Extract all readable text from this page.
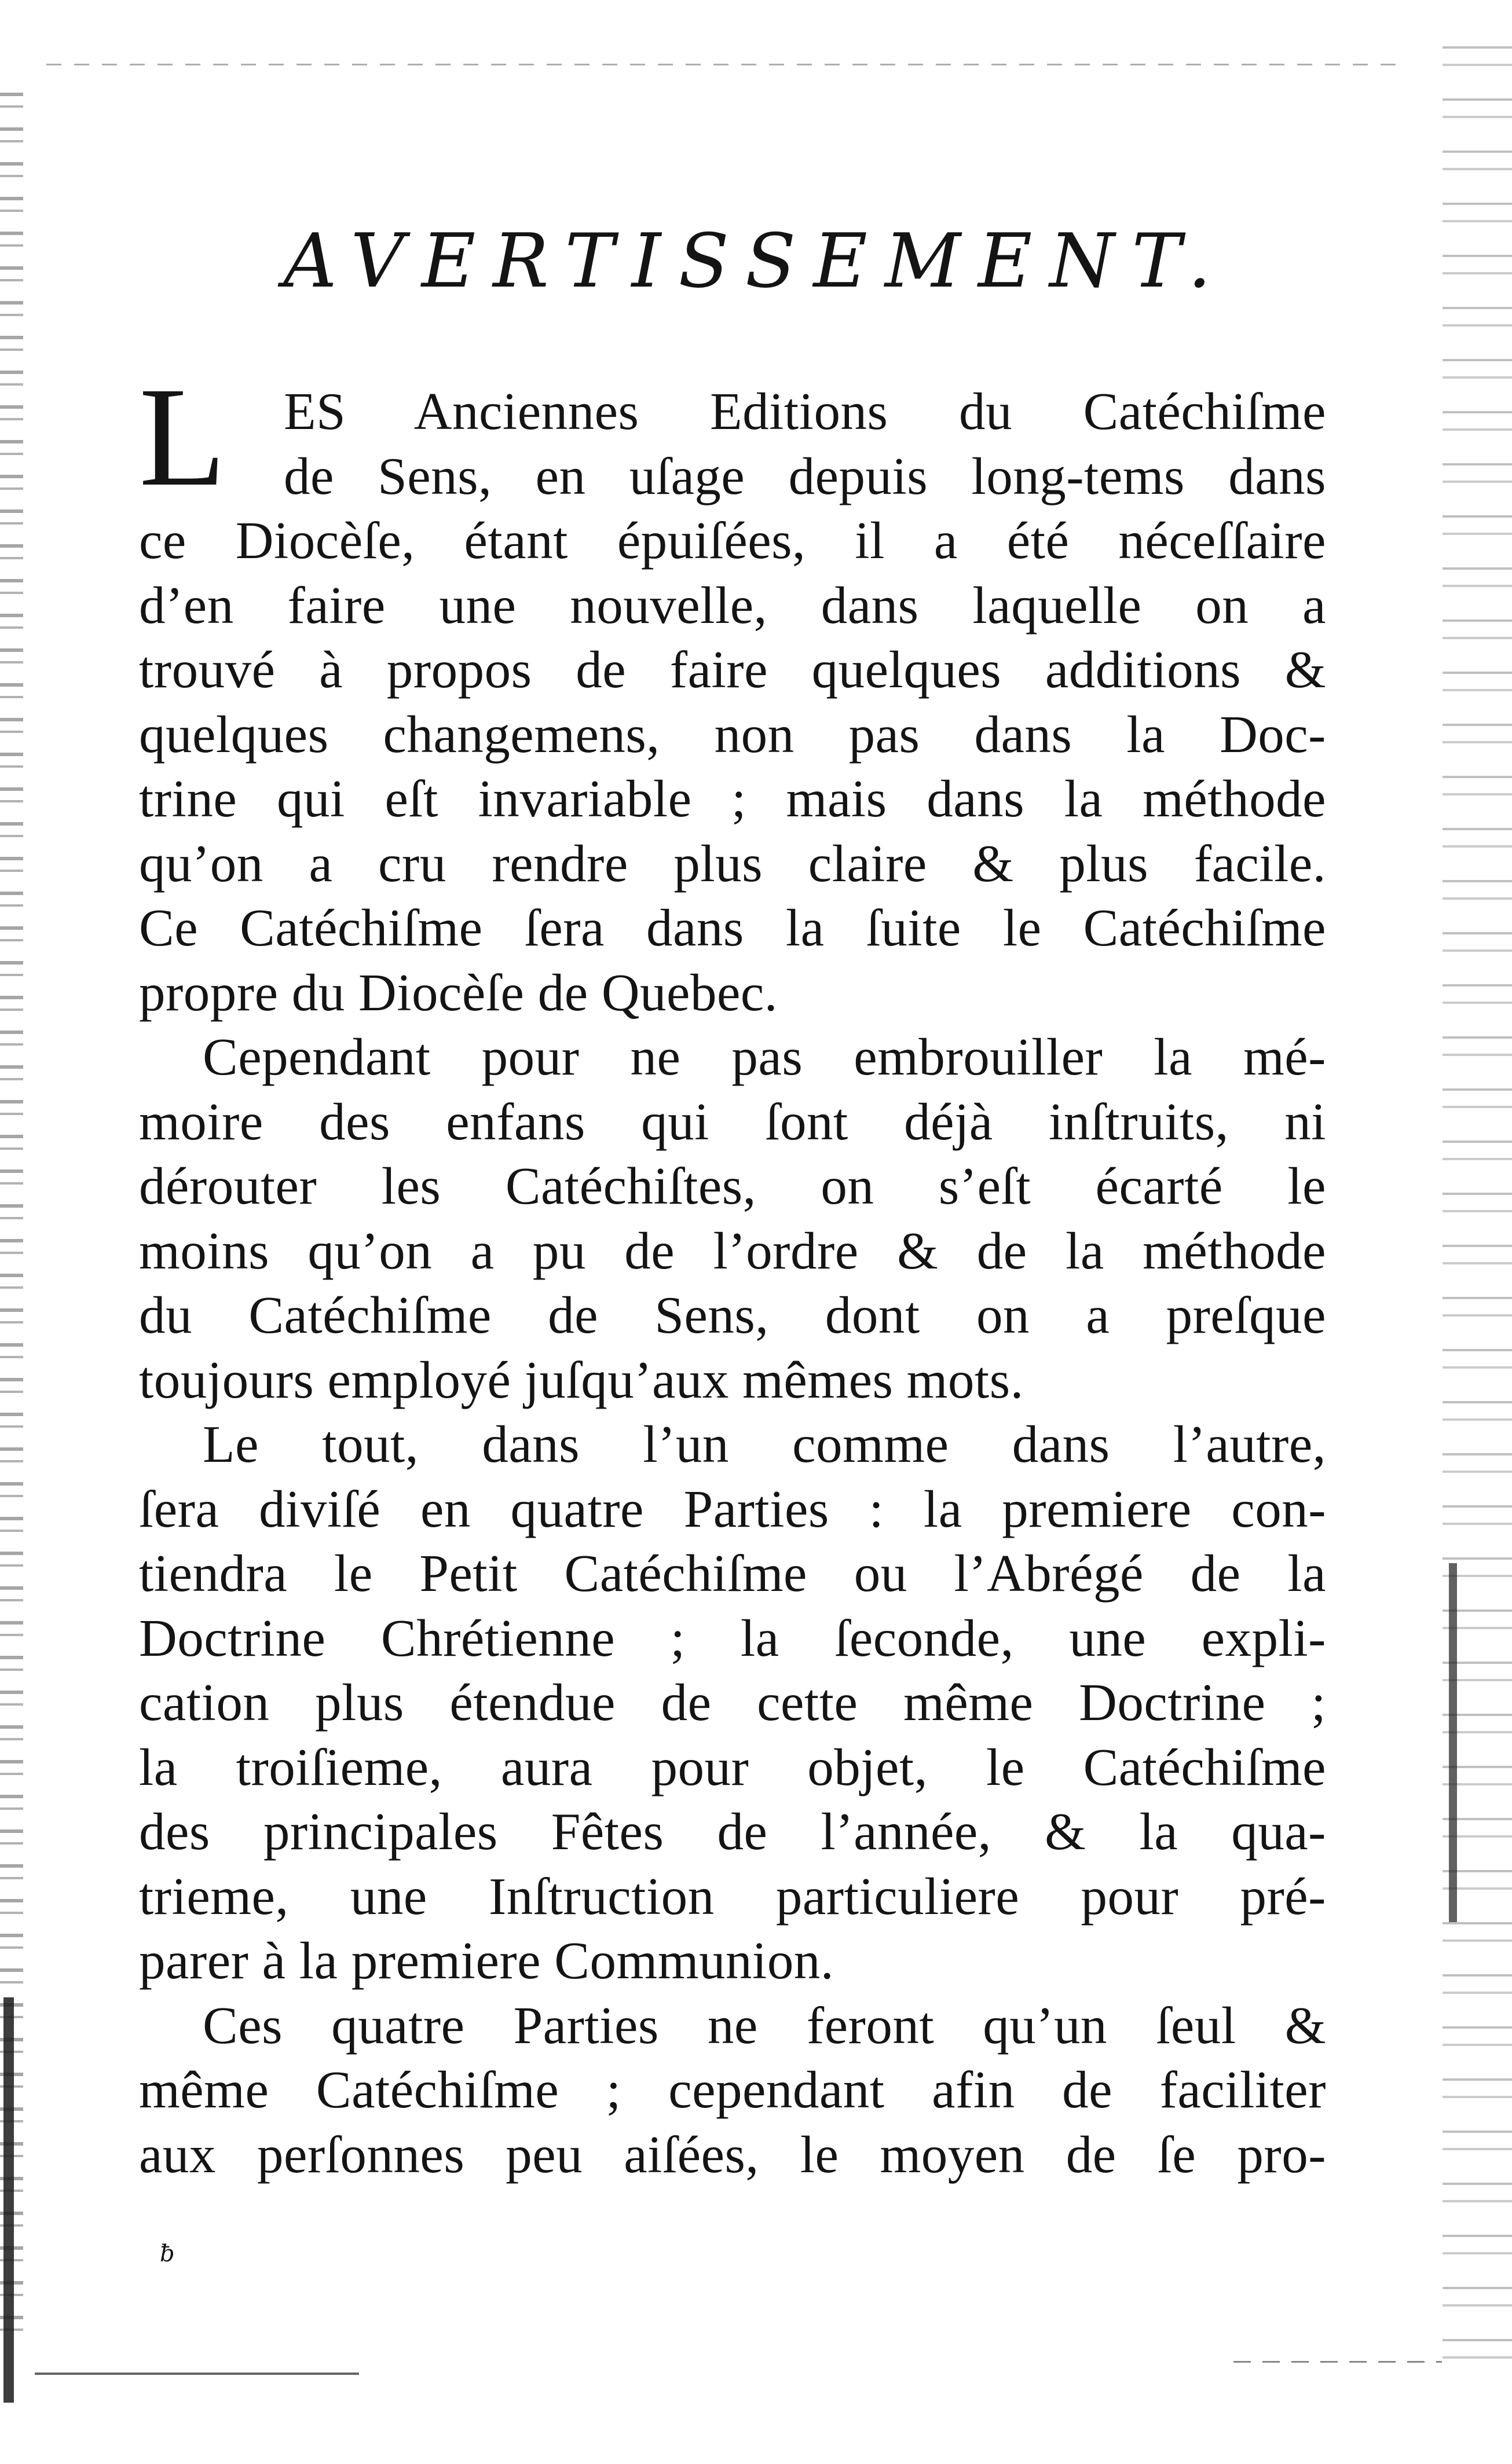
AVERTISSEMENT.
L	ES Anciennes Editions du Catéchiſme
de Sens, en uſage depuis long-tems dans
ce Diocèſe, étant épuiſées, il a été néceſſaire
d’en faire une nouvelle, dans laquelle on a
trouvé à propos de faire quelques additions &
quelques changemens, non pas dans la Doc-
trine qui eſt invariable ; mais dans la méthode
qu’on a cru rendre plus claire & plus facile.
Ce Catéchiſme ſera dans la ſuite le Catéchiſme
propre du Diocèſe de Quebec.
Cependant pour ne pas embrouiller la mé-
moire des enfans qui ſont déjà inſtruits, ni
dérouter les Catéchiſtes, on s’eſt écarté le
moins qu’on a pu de l’ordre & de la méthode
du Catéchiſme de Sens, dont on a preſque
toujours employé juſqu’aux mêmes mots.
Le tout, dans l’un comme dans l’autre,
ſera diviſé en quatre Parties : la premiere con-
tiendra le Petit Catéchiſme ou l’Abrégé de la
Doctrine Chrétienne ; la ſeconde, une expli-
cation plus étendue de cette même Doctrine ;
la troiſieme, aura pour objet, le Catéchiſme
des principales Fêtes de l’année, & la qua-
trieme, une Inſtruction particuliere pour pré-
parer à la premiere Communion.
Ces quatre Parties ne feront qu’un ſeul &
même Catéchiſme ; cependant afin de faciliter
aux perſonnes peu aiſées, le moyen de ſe pro-
ƀ
